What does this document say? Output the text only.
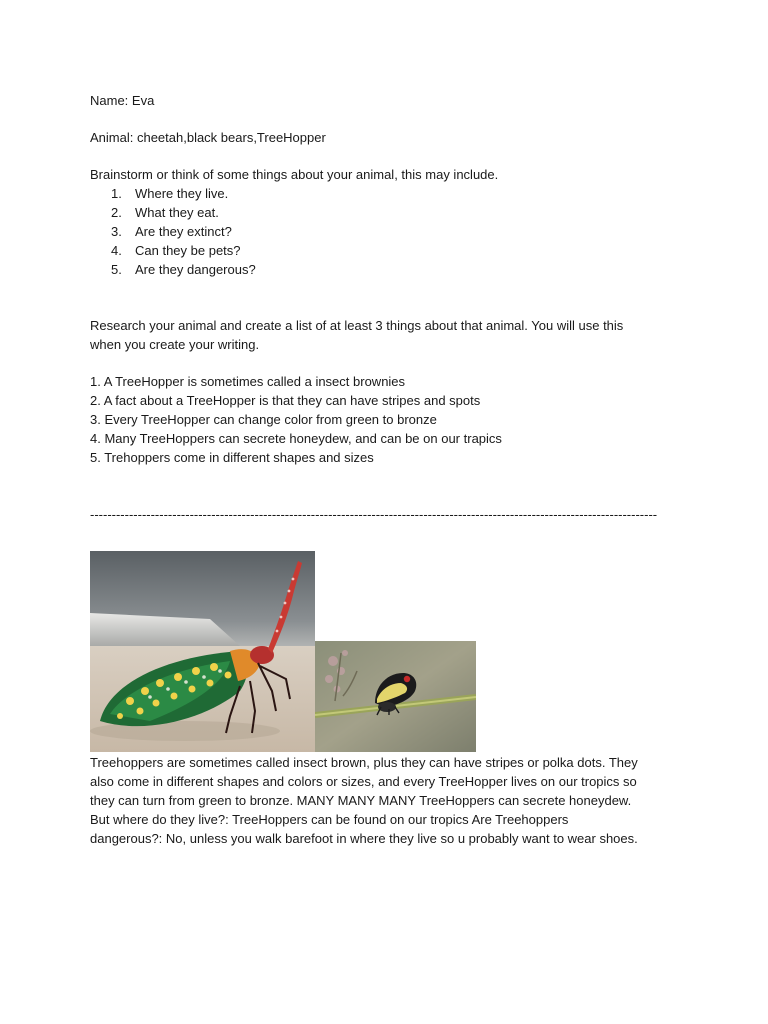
Name: Eva

Animal: cheetah,black bears,TreeHopper

Brainstorm or think of some things about your animal, this may include.

1.	Where they live.
2.	What they eat.
3.	Are they extinct?
4.	Can they be pets?
5.	Are they dangerous?

Research your animal and create a list of at least 3 things about that animal. You will use this

when you create your writing.

1. A TreeHopper is sometimes called a insect brownies

2. A fact about a TreeHopper is that they can have stripes and spots

3. Every TreeHopper can change color from green to bronze

4. Many TreeHoppers can secrete honeydew, and can be on our trapics

5. Trehoppers come in different shapes and sizes

-----------------------------------------------------------------------------------------------------------------------------------

Treehoppers are sometimes called insect brown, plus they can have stripes or polka dots. They
also come in different shapes and colors or sizes, and every TreeHopper lives on our tropics so
they can turn from green to bronze. MANY MANY MANY TreeHoppers can secrete honeydew.
But where do they live?: TreeHoppers can be found on our tropics Are Treehoppers
dangerous?: No, unless you walk barefoot in where they live so u probably want to wear shoes.
